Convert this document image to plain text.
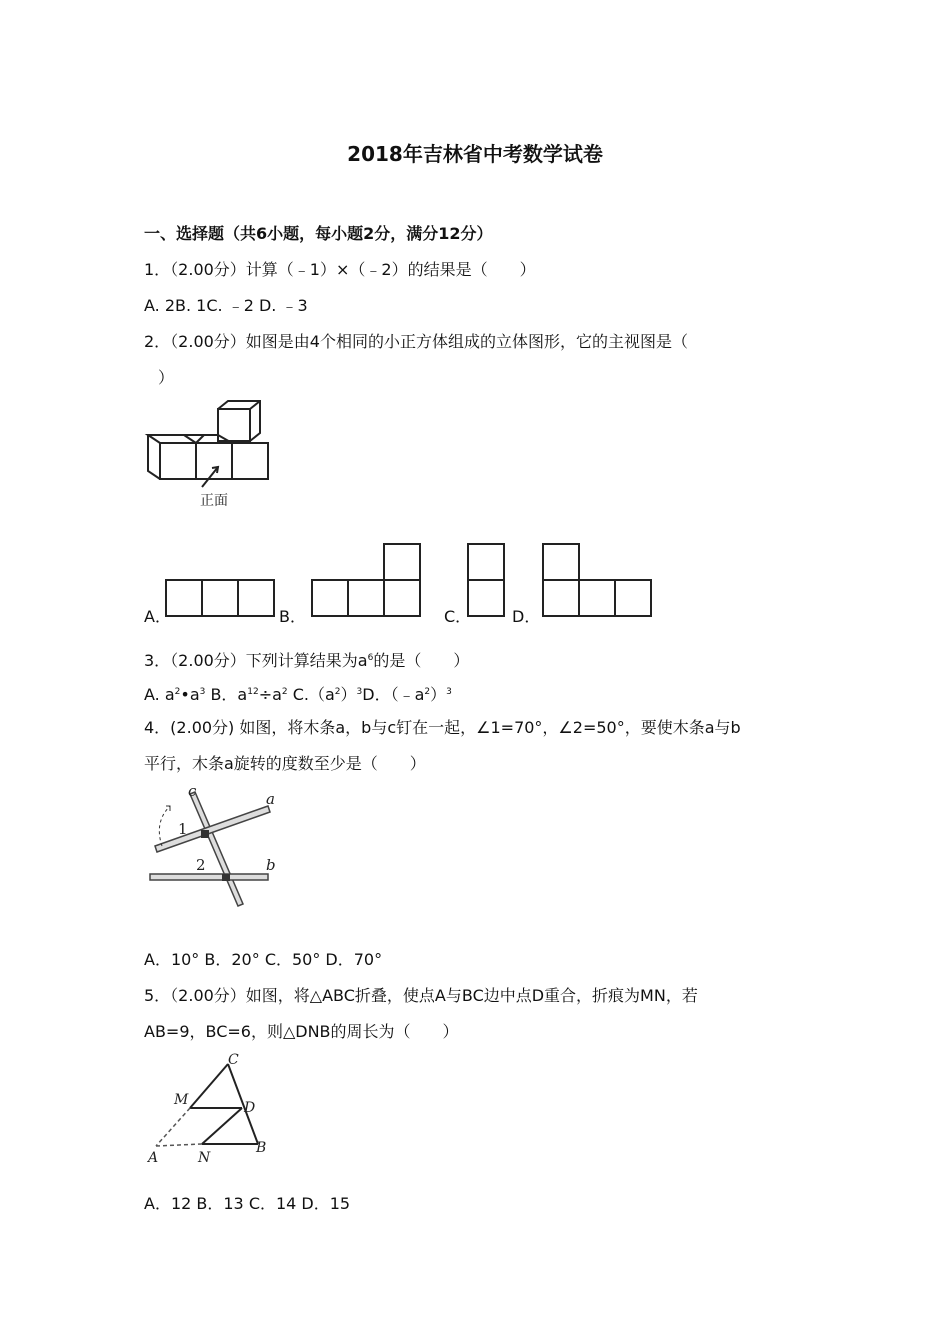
2018年吉林省中考数学试卷
一、选择题（共6小题，每小题2分，满分12分）
1．（2.00分）计算（﹣1）×（﹣2）的结果是（　　）
A. 2B. 1C. ﹣2 D. ﹣3
2．（2.00分）如图是由4个相同的小正方体组成的立体图形，它的主视图是（
）
正面
A．	B．	C．	D．
3．（2.00分）下列计算结果为$a^6$的是（　　）
A. $a^2•a^3$ B．$a^{12}\div a^2$ $C.(a^2)^3D$．$(﹣a^2)^3$
4．(2.00分) 如图，将木条a，b与c钉在一起，∠1=70°，∠2=50°，要使木条a与b
平行，木条a旋转的度数至少是（　　）
c	a
b
1
2
A．10° B．20° C．50° D．70°
5．（2.00分）如图，将△ABC折叠，使点A与BC边中点D重合，折痕为MN，若
AB=9，BC=6，则△DNB的周长为（　　）
C
M	D
A	N
B
A．12 B．13 C．14 D．15
